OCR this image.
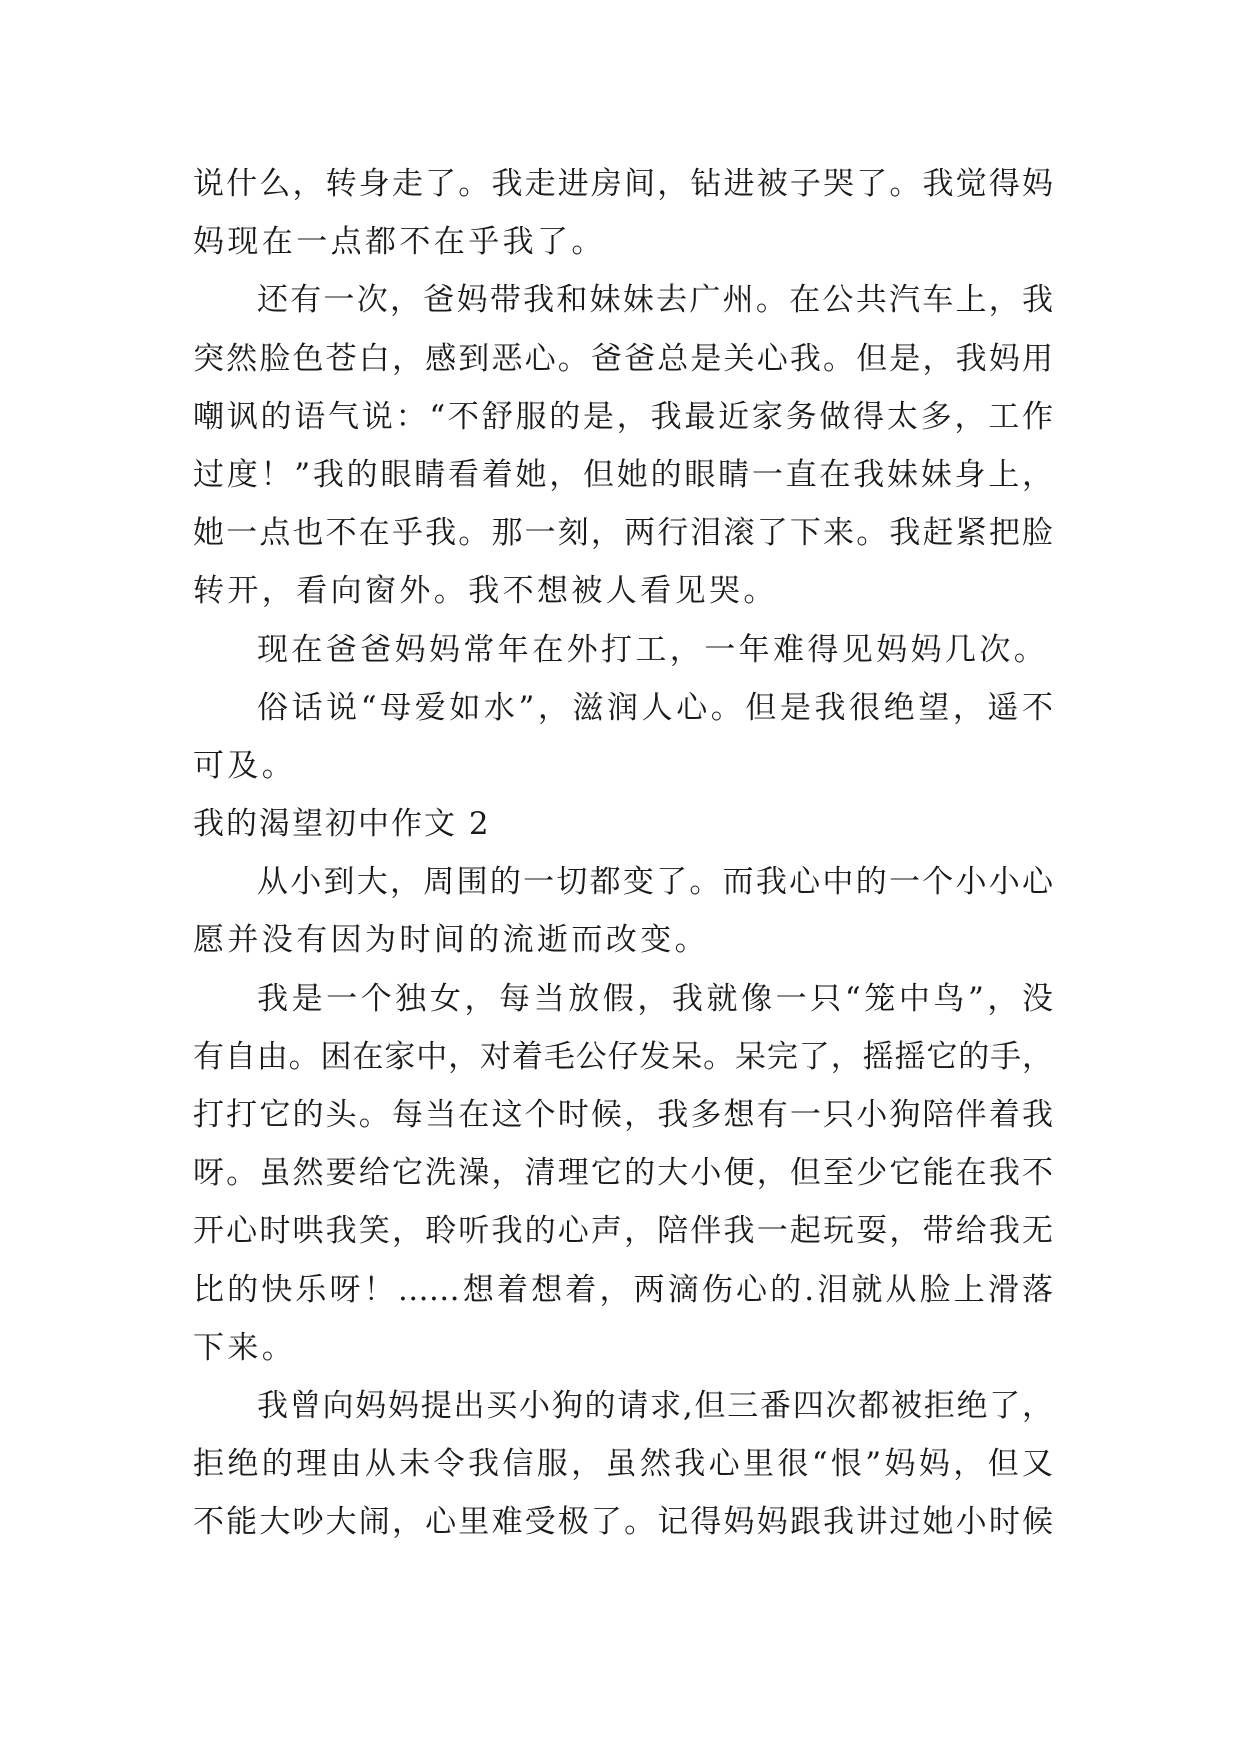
说什么，转身走了。我走进房间，钻进被子哭了。我觉得妈
妈现在一点都不在乎我了。
还有一次，爸妈带我和妹妹去广州。在公共汽车上，我
突然脸色苍白，感到恶心。爸爸总是关心我。但是，我妈用
嘲讽的语气说：“不舒服的是，我最近家务做得太多，工作
过度！”我的眼睛看着她，但她的眼睛一直在我妹妹身上，
她一点也不在乎我。那一刻，两行泪滚了下来。我赶紧把脸
转开，看向窗外。我不想被人看见哭。
现在爸爸妈妈常年在外打工，一年难得见妈妈几次。
俗话说“母爱如水”，滋润人心。但是我很绝望，遥不
可及。
我的渴望初中作文 2
从小到大，周围的一切都变了。而我心中的一个小小心
愿并没有因为时间的流逝而改变。
我是一个独女，每当放假，我就像一只“笼中鸟”，没
有自由。困在家中，对着毛公仔发呆。呆完了，摇摇它的手，
打打它的头。每当在这个时候，我多想有一只小狗陪伴着我
呀。虽然要给它洗澡，清理它的大小便，但至少它能在我不
开心时哄我笑，聆听我的心声，陪伴我一起玩耍，带给我无
比的快乐呀！……想着想着，两滴伤心的.泪就从脸上滑落
下来。
我曾向妈妈提出买小狗的请求,但三番四次都被拒绝了，
拒绝的理由从未令我信服，虽然我心里很“恨”妈妈，但又
不能大吵大闹，心里难受极了。记得妈妈跟我讲过她小时候
